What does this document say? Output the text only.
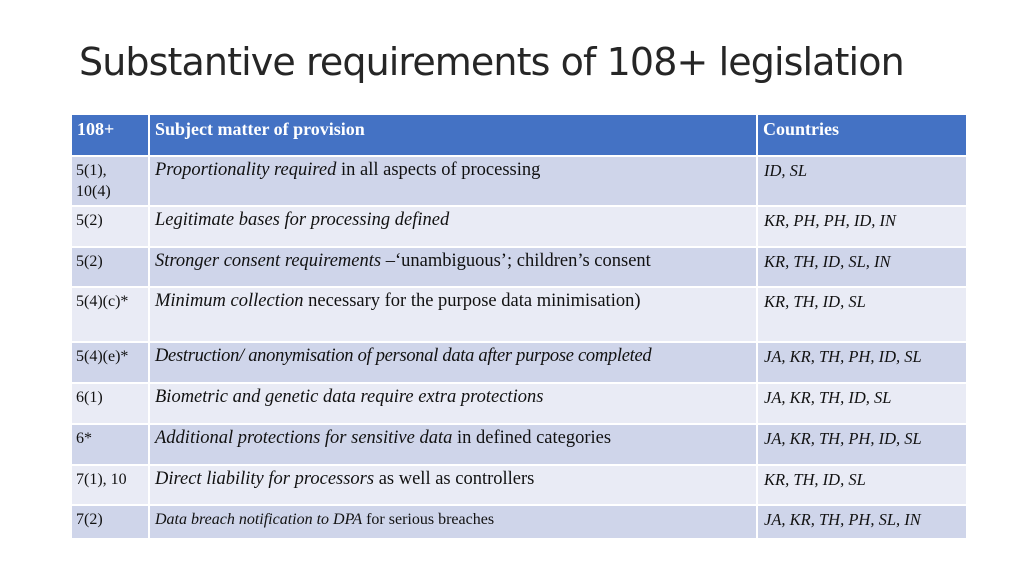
Substantive requirements of 108+ legislation
108+	Subject matter of provision	Countries
5(1), 10(4)	Proportionality required in all aspects of processing	ID, SL
5(2)	Legitimate bases for processing defined	KR, PH, PH, ID, IN
5(2)	Stronger consent requirements –‘unambiguous’; children’s consent	KR, TH, ID, SL, IN
5(4)(c)*	Minimum collection necessary for the purpose data minimisation)	KR, TH, ID, SL
5(4)(e)*	Destruction/ anonymisation of personal data after purpose completed	JA, KR, TH, PH, ID, SL
6(1)	Biometric and genetic data require extra protections	JA, KR, TH, ID, SL
6*	Additional protections for sensitive data in defined categories	JA, KR, TH, PH, ID, SL
7(1), 10	Direct liability for processors as well as controllers	KR, TH, ID, SL
7(2)	Data breach notification to DPA for serious breaches	JA, KR, TH, PH, SL, IN
